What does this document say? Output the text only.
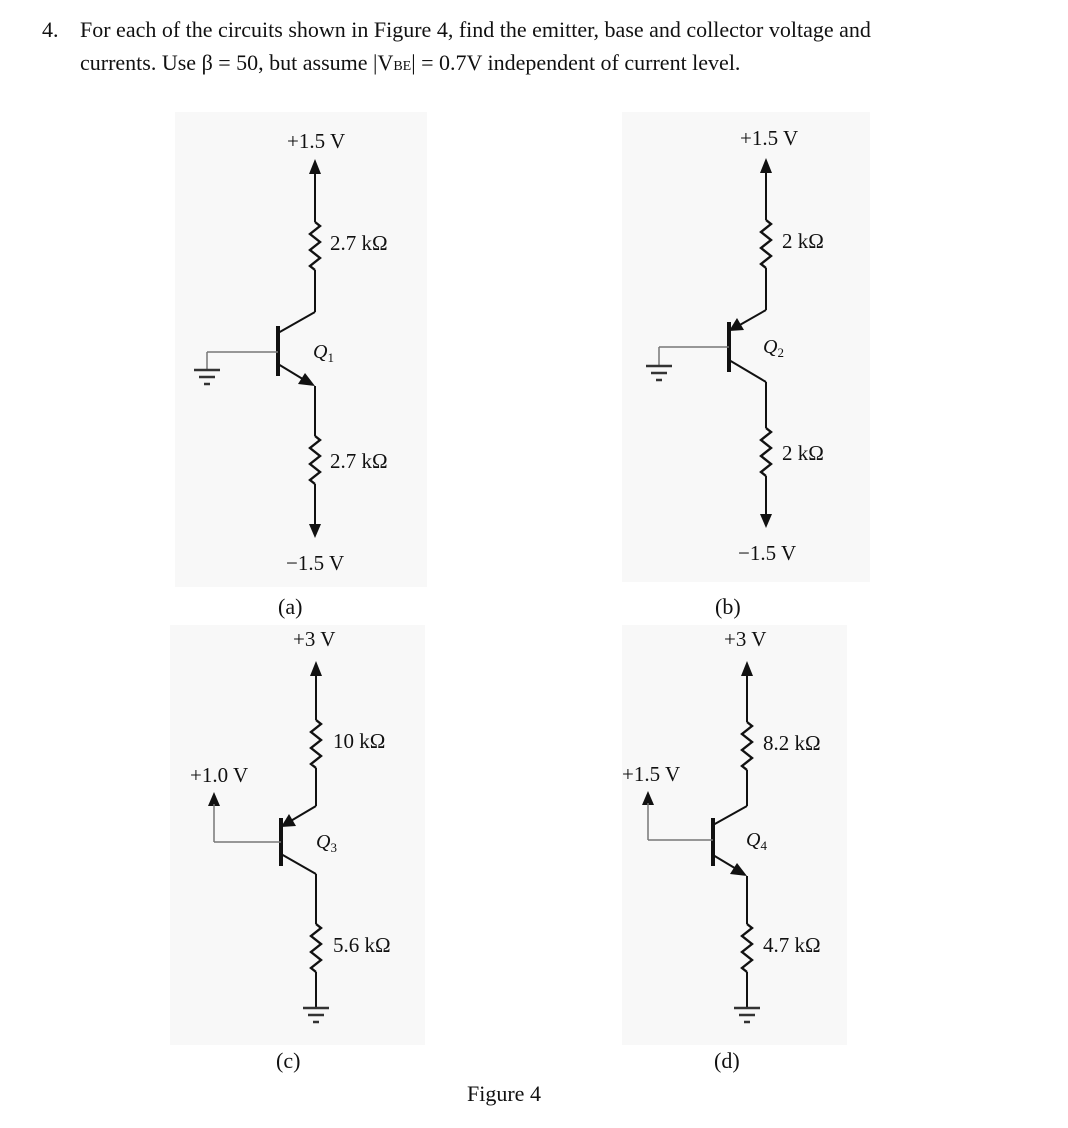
4. For each of the circuits shown in Figure 4, find the emitter, base and collector voltage and
currents. Use β = 50, but assume |VBE| = 0.7V independent of current level.
+1.5 V
2.7 kΩ
2.7 kΩ
−1.5 V
$Q_1$
(a)
+1.5 V
2 kΩ
2 kΩ
−1.5 V
$Q_2$
(b)
+3 V
10 kΩ
5.6 kΩ
+1.0 V
$Q_3$
(c)
+3 V
8.2 kΩ
4.7 kΩ
+1.5 V
$Q_4$
(d)
Figure 4
